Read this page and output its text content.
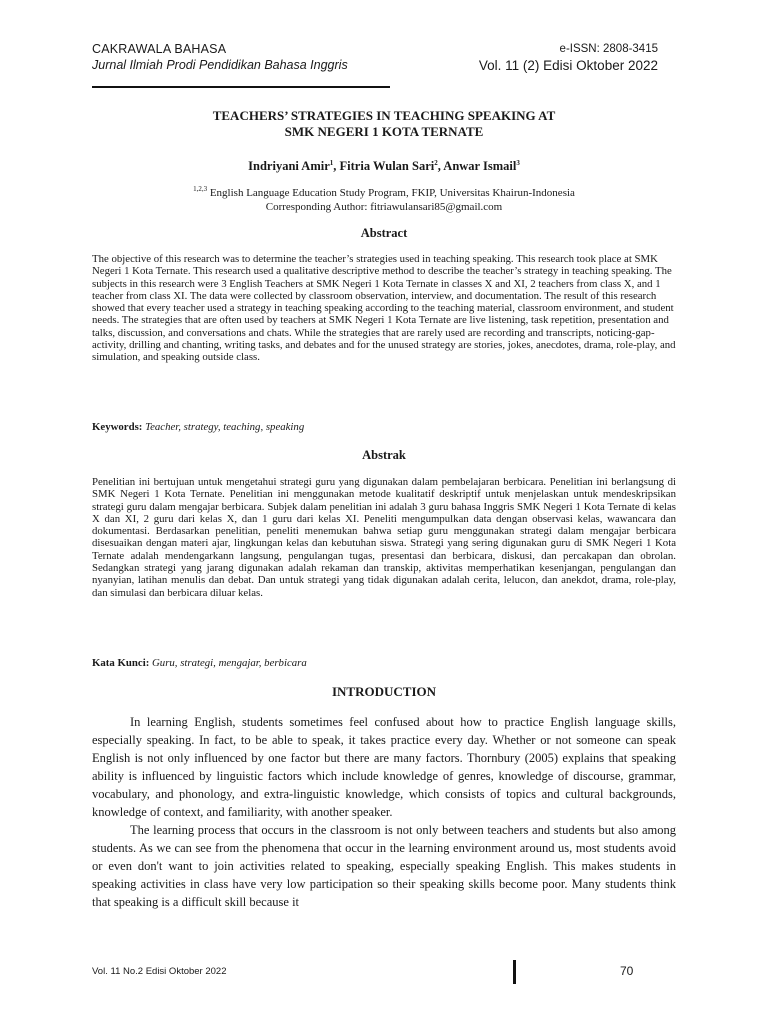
CAKRAWALA BAHASA
Jurnal Ilmiah Prodi Pendidikan Bahasa Inggris
e-ISSN: 2808-3415
Vol. 11 (2) Edisi Oktober 2022
TEACHERS’ STRATEGIES IN TEACHING SPEAKING AT
SMK NEGERI 1 KOTA TERNATE
Indriyani Amir$^1$, Fitria Wulan Sari$^2$, Anwar Ismail$^3$
$^{1,2,3}$ English Language Education Study Program, FKIP, Universitas Khairun-Indonesia
Corresponding Author: fitriawulansari85@gmail.com
Abstract
The objective of this research was to determine the teacher’s strategies used in teaching speaking. This research took place at SMK Negeri 1 Kota Ternate. This research used a qualitative descriptive method to describe the teacher’s strategy in teaching speaking. The subjects in this research were 3 English Teachers at SMK Negeri 1 Kota Ternate in classes X and XI, 2 teachers from class X, and 1 teacher from class XI. The data were collected by classroom observation, interview, and documentation. The result of this research showed that every teacher used a strategy in teaching speaking according to the teaching material, classroom environment, and student needs. The strategies that are often used by teachers at SMK Negeri 1 Kota Ternate are live listening, task repetition, presentation and talks, discussion, and conversations and chats. While the strategies that are rarely used are recording and transcripts, noticing-gap-activity, drilling and chanting, writing tasks, and debates and for the unused strategy are stories, jokes, anecdotes, drama, role-play, and simulation, and speaking outside class.
Keywords: Teacher, strategy, teaching, speaking
Abstrak
Penelitian ini bertujuan untuk mengetahui strategi guru yang digunakan dalam pembelajaran berbicara. Penelitian ini berlangsung di SMK Negeri 1 Kota Ternate. Penelitian ini menggunakan metode kualitatif deskriptif untuk menjelaskan untuk mendeskripsikan strategi guru dalam mengajar berbicara. Subjek dalam penelitian ini adalah 3 guru bahasa Inggris SMK Negeri 1 Kota Ternate di kelas X dan XI, 2 guru dari kelas X, dan 1 guru dari kelas XI. Peneliti mengumpulkan data dengan observasi kelas, wawancara dan dokumentasi. Berdasarkan penelitian, peneliti menemukan bahwa setiap guru menggunakan strategi dalam mengajar berbicara disesuaikan dengan materi ajar, lingkungan kelas dan kebutuhan siswa. Strategi yang sering digunakan guru di SMK Negeri 1 Kota Ternate adalah mendengarkann langsung, pengulangan tugas, presentasi dan berbicara, diskusi, dan percakapan dan obrolan. Sedangkan strategi yang jarang digunakan adalah rekaman dan transkip, aktivitas memperhatikan kesenjangan, pengulangan dan nyanyian, latihan menulis dan debat. Dan untuk strategi yang tidak digunakan adalah cerita, lelucon, dan anekdot, drama, role-play, dan simulasi dan berbicara diluar kelas.
Kata Kunci: Guru, strategi, mengajar, berbicara
INTRODUCTION

In learning English, students sometimes feel confused about how to practice English language skills, especially speaking. In fact, to be able to speak, it takes practice every day. Whether or not someone can speak English is not only influenced by one factor but there are many factors. Thornbury (2005) explains that speaking ability is influenced by linguistic factors which include knowledge of genres, knowledge of discourse, grammar, vocabulary, and phonology, and extra-linguistic knowledge, which consists of topics and cultural backgrounds, knowledge of context, and familiarity, with another speaker.

The learning process that occurs in the classroom is not only between teachers and students but also among students. As we can see from the phenomena that occur in the learning environment around us, most students avoid or even don't want to join activities related to speaking, especially speaking English. This makes students in speaking activities in class have very low participation so their speaking skills become poor. Many students think that speaking is a difficult skill because it

Vol. 11 No.2 Edisi Oktober 2022	70
